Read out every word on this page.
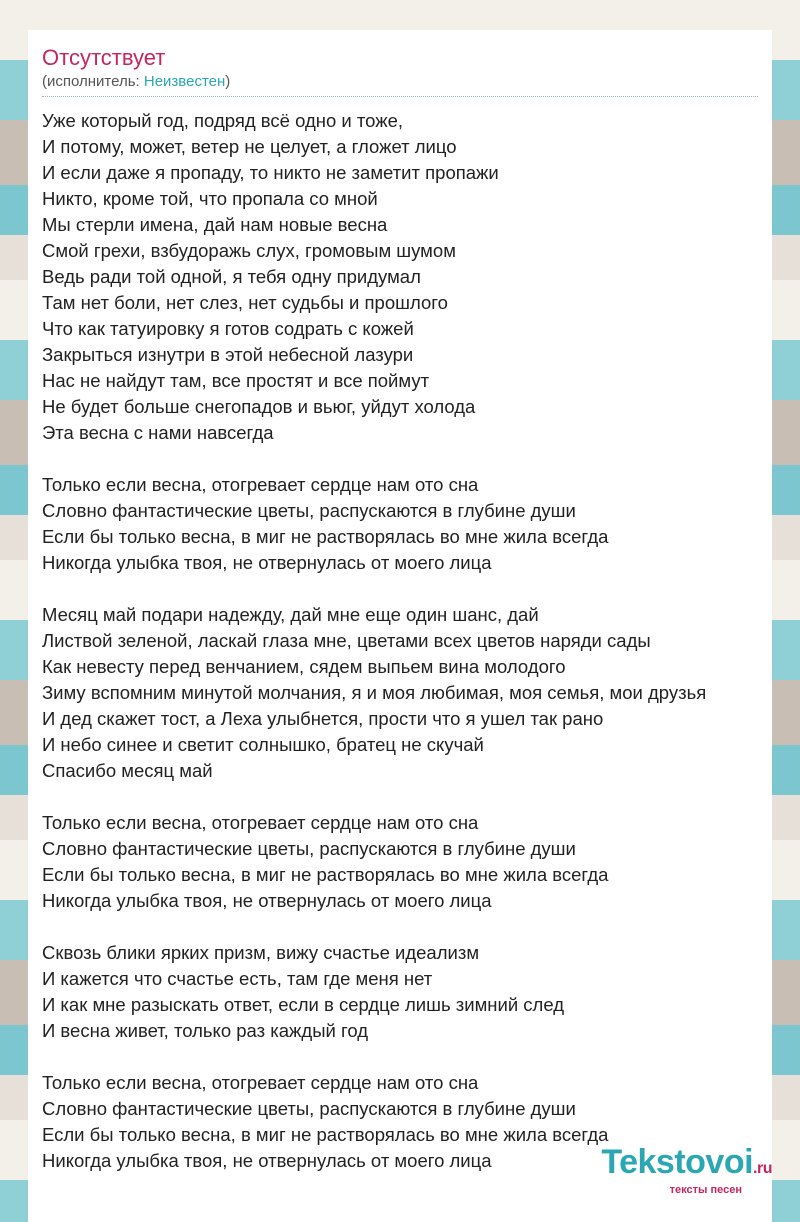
Отсутствует
(исполнитель: Неизвестен)
Уже который год, подряд всё одно и тоже,
И потому, может, ветер не целует, а гложет лицо
И если даже я пропаду, то никто не заметит пропажи
Никто, кроме той, что пропала со мной
Мы стерли имена, дай нам новые весна
Смой грехи, взбудоражь слух, громовым шумом
Ведь ради той одной, я тебя одну придумал
Там нет боли, нет слез, нет судьбы и прошлого
Что как татуировку я готов содрать с кожей
Закрыться изнутри в этой небесной лазури
Нас не найдут там, все простят и все поймут
Не будет больше снегопадов и вьюг, уйдут холода
Эта весна с нами навсегда
Только если весна, отогревает сердце нам ото сна
Словно фантастические цветы, распускаются в глубине души
Если бы только весна, в миг не растворялась во мне жила всегда
Никогда улыбка твоя, не отвернулась от моего лица
Месяц май подари надежду, дай мне еще один шанс, дай
Листвой зеленой, ласкай глаза мне, цветами всех цветов наряди сады
Как невесту перед венчанием, сядем выпьем вина молодого
Зиму вспомним минутой молчания, я и моя любимая, моя семья, мои друзья
И дед скажет тост, а Леха улыбнется, прости что я ушел так рано
И небо синее и светит солнышко, братец не скучай
Спасибо месяц май
Только если весна, отогревает сердце нам ото сна
Словно фантастические цветы, распускаются в глубине души
Если бы только весна, в миг не растворялась во мне жила всегда
Никогда улыбка твоя, не отвернулась от моего лица
Сквозь блики ярких призм, вижу счастье идеализм
И кажется что счастье есть, там где меня нет
И как мне разыскать ответ, если в сердце лишь зимний след
И весна живет, только раз каждый год
Только если весна, отогревает сердце нам ото сна
Словно фантастические цветы, распускаются в глубине души
Если бы только весна, в миг не растворялась во мне жила всегда
Никогда улыбка твоя, не отвернулась от моего лица	Tekstovoi.ru
тексты песен
